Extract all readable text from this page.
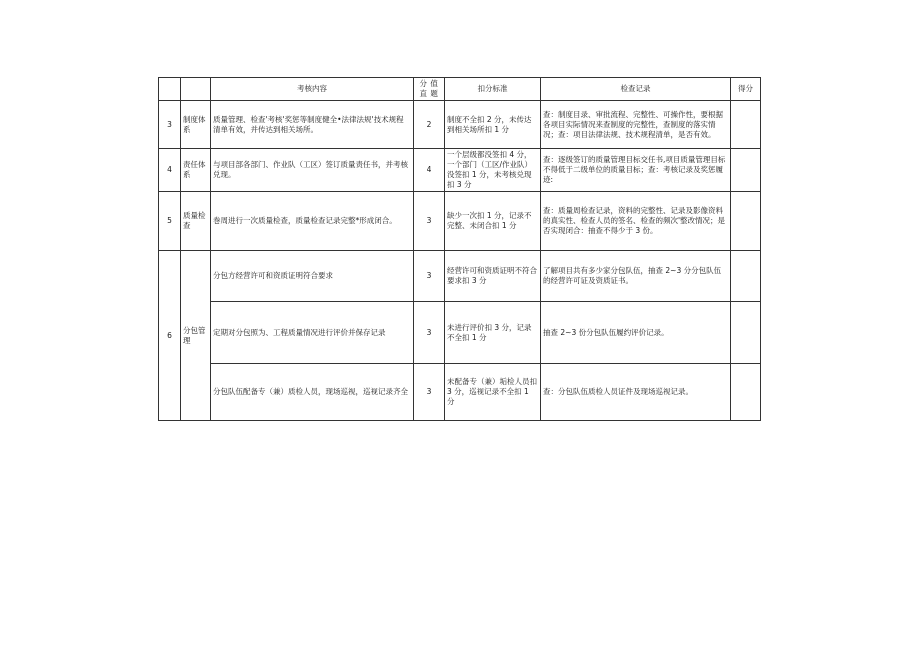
		考核内容	分 值 直 题	扣分标准	检查记录	得分
3	制度体系	质量管理、检查'考核'奖惩等制度健全•法律法规'技术规程清单有效，并传达到相关场所。	2	制度不全扣 2 分，未传达到相关场所扣 1 分	查：制度目录、审批流程、完整性、可操作性，要根据各项目实际情况来查制度的完整性，查制度的落实情况；查：项目法律法规、技术规程清单，是否有效。	
4	责任体系	与项目部各部门、作业队（工区）签订质量责任书，并考核兑现。	4	一个层级都没签扣 4 分，一个部门（工区/作业队）没签扣 1 分，未考核兑现扣 3 分	查：逐级签订的质量管理目标交任书,项目质量管理目标不得低于二级单位的质量目标；查：考核记录及奖惩履迹:	
5	质量检查	巻周进行一次质量检查，质量检查记录完整*形成闭合。	3	缺少一次扣 1 分，记录不完整、未闭合扣 1 分	查：质量周检查记录，资料的完整性、记录及影像资料的真实性、检查人员的签名、检查的频次'整改情况；是否实现闭合：抽查不得少于 3 份。	
6	分包管理	分包方经营许可和资质证明符合要求	3	经营许可和资质证明不符合要求扣 3 分	了解项目共有多少家分包队伍，抽查 2~3 分分包队伍的经营许可证及资质证书。	
		定期对分包照为、工程质量情况进行评价并保存记录	3	未进行评价扣 3 分，记录不全扣 1 分	抽查 2~3 份分包队伍履约评价记录。	
		分包队伍配备专（兼）质检人员，现场巡视，巡视记录齐全	3	未配备专（兼）垢检人员扣 3 分，巡视记录不全扣 1 分	查：分包队伍质检人员证件及现场巡视记录。	
